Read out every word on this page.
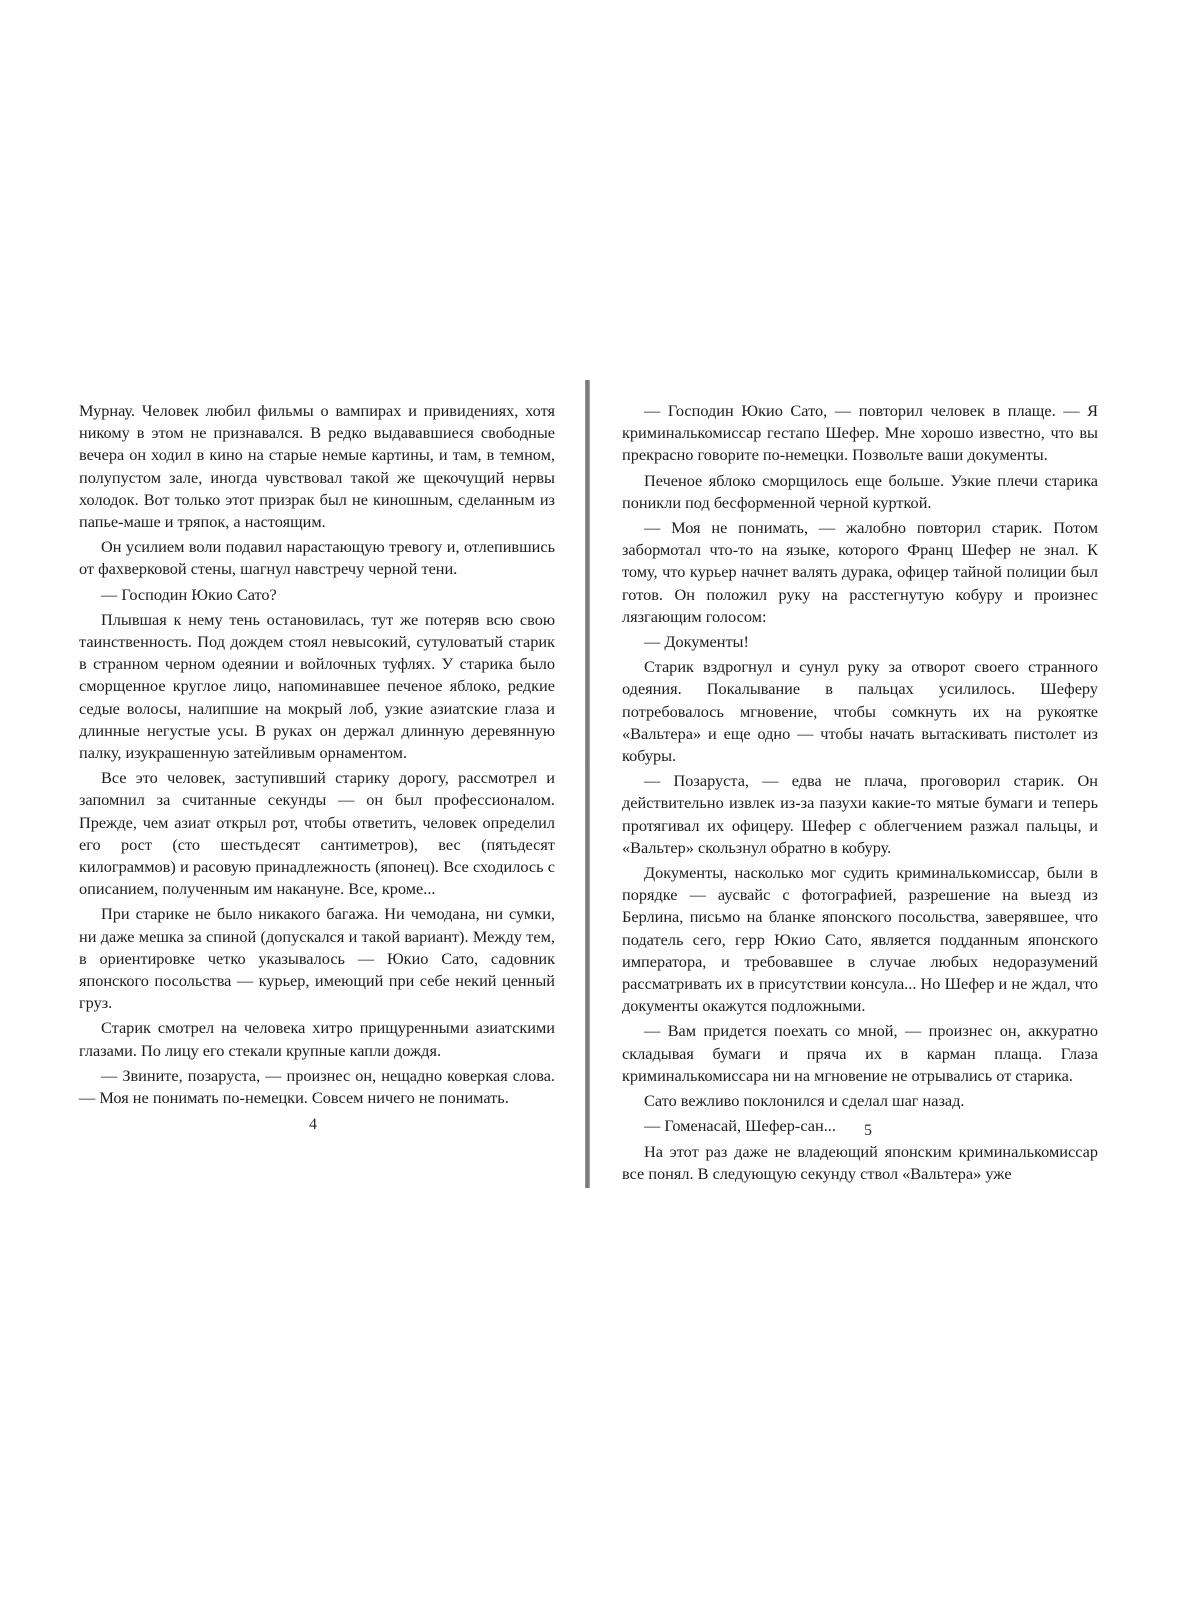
Мурнау. Человек любил фильмы о вампирах и привидениях, хотя никому в этом не признавался. В редко выдававшиеся свободные вечера он ходил в кино на старые немые картины, и там, в темном, полупустом зале, иногда чувствовал такой же щекочущий нервы холодок. Вот только этот призрак был не киношным, сделанным из папье-маше и тряпок, а настоящим.

Он усилием воли подавил нарастающую тревогу и, отлепившись от фахверковой стены, шагнул навстречу черной тени.

— Господин Юкио Сато?

Плывшая к нему тень остановилась, тут же потеряв всю свою таинственность. Под дождем стоял невысокий, сутуловатый старик в странном черном одеянии и войлочных туфлях. У старика было сморщенное круглое лицо, напоминавшее печеное яблоко, редкие седые волосы, налипшие на мокрый лоб, узкие азиатские глаза и длинные негустые усы. В руках он держал длинную деревянную палку, изукрашенную затейливым орнаментом.

Все это человек, заступивший старику дорогу, рассмотрел и запомнил за считанные секунды — он был профессионалом. Прежде, чем азиат открыл рот, чтобы ответить, человек определил его рост (сто шестьдесят сантиметров), вес (пятьдесят килограммов) и расовую принадлежность (японец). Все сходилось с описанием, полученным им накануне. Все, кроме...

При старике не было никакого багажа. Ни чемодана, ни сумки, ни даже мешка за спиной (допускался и такой вариант). Между тем, в ориентировке четко указывалось — Юкио Сато, садовник японского посольства — курьер, имеющий при себе некий ценный груз.

Старик смотрел на человека хитро прищуренными азиатскими глазами. По лицу его стекали крупные капли дождя.

— Звините, позаруста, — произнес он, нещадно коверкая слова. — Моя не понимать по-немецки. Совсем ничего не понимать.

— Господин Юкио Сато, — повторил человек в плаще. — Я криминалькомиссар гестапо Шефер. Мне хорошо известно, что вы прекрасно говорите по-немецки. Позвольте ваши документы.

Печеное яблоко сморщилось еще больше. Узкие плечи старика поникли под бесформенной черной курткой.

— Моя не понимать, — жалобно повторил старик. Потом забормотал что-то на языке, которого Франц Шефер не знал. К тому, что курьер начнет валять дурака, офицер тайной полиции был готов. Он положил руку на расстегнутую кобуру и произнес лязгающим голосом:

— Документы!

Старик вздрогнул и сунул руку за отворот своего странного одеяния. Покалывание в пальцах усилилось. Шеферу потребовалось мгновение, чтобы сомкнуть их на рукоятке «Вальтера» и еще одно — чтобы начать вытаскивать пистолет из кобуры.

— Позаруста, — едва не плача, проговорил старик. Он действительно извлек из-за пазухи какие-то мятые бумаги и теперь протягивал их офицеру. Шефер с облегчением разжал пальцы, и «Вальтер» скользнул обратно в кобуру.

Документы, насколько мог судить криминалькомиссар, были в порядке — аусвайс с фотографией, разрешение на выезд из Берлина, письмо на бланке японского посольства, заверявшее, что податель сего, герр Юкио Сато, является подданным японского императора, и требовавшее в случае любых недоразумений рассматривать их в присутствии консула... Но Шефер и не ждал, что документы окажутся подложными.

— Вам придется поехать со мной, — произнес он, аккуратно складывая бумаги и пряча их в карман плаща. Глаза криминалькомиссара ни на мгновение не отрывались от старика.

Сато вежливо поклонился и сделал шаг назад.

— Гоменасай, Шефер-сан...

На этот раз даже не владеющий японским криминалькомиссар все понял. В следующую секунду ствол «Вальтера» уже

4	5
